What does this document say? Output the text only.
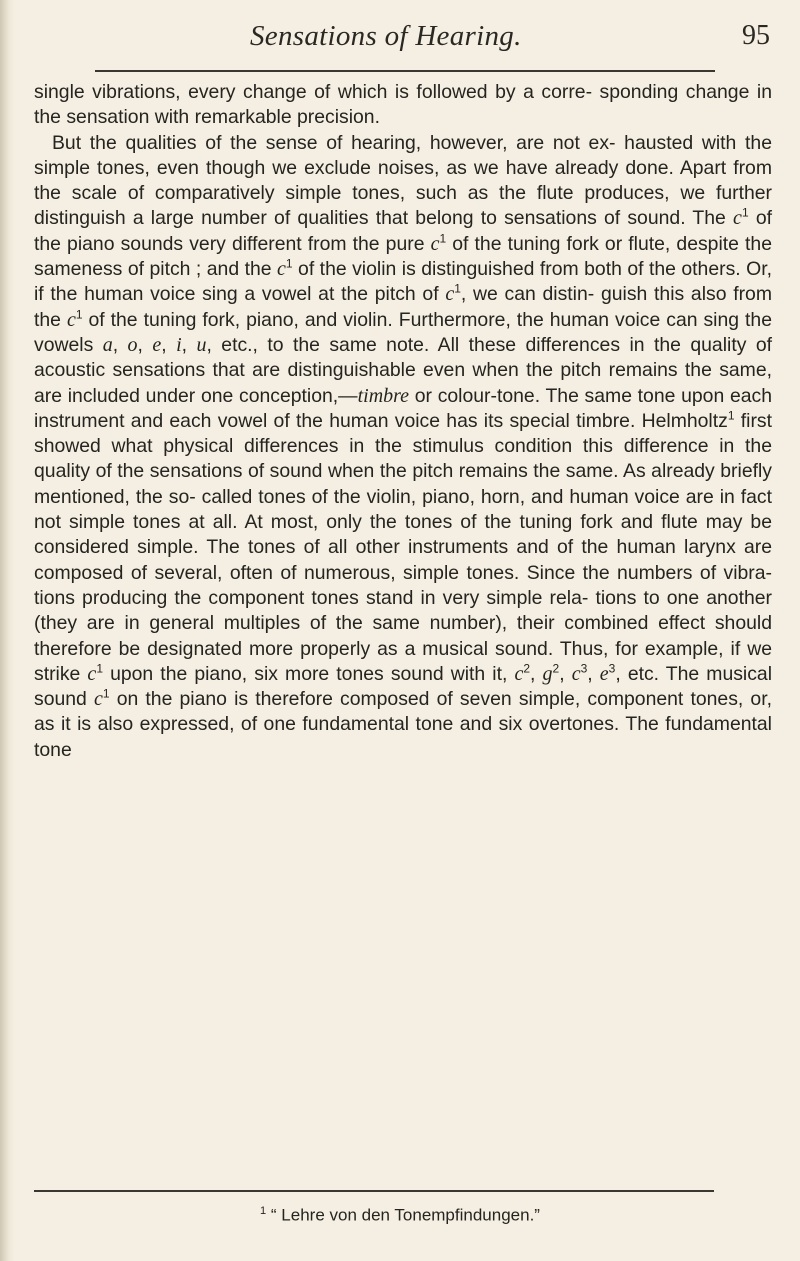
Sensations of Hearing.	95

single vibrations, every change of which is followed by a corre- sponding change in the sensation with remarkable precision.

But the qualities of the sense of hearing, however, are not ex- hausted with the simple tones, even though we exclude noises, as we have already done. Apart from the scale of comparatively simple tones, such as the flute produces, we further distinguish a large number of qualities that belong to sensations of sound. The $c^1$ of the piano sounds very different from the pure $c^1$ of the tuning fork or flute, despite the sameness of pitch ; and the $c^1$ of the violin is distinguished from both of the others. Or, if the human voice sing a vowel at the pitch of $c^1$, we can distin- guish this also from the $c^1$ of the tuning fork, piano, and violin. Furthermore, the human voice can sing the vowels a, o, e, i, u, etc., to the same note. All these differences in the quality of acoustic sensations that are distinguishable even when the pitch remains the same, are included under one conception,—timbre or colour-tone. The same tone upon each instrument and each vowel of the human voice has its special timbre. Helmholtz$^1$ first showed what physical differences in the stimulus condition this difference in the quality of the sensations of sound when the pitch remains the same. As already briefly mentioned, the so- called tones of the violin, piano, horn, and human voice are in fact not simple tones at all. At most, only the tones of the tuning fork and flute may be considered simple. The tones of all other instruments and of the human larynx are composed of several, often of numerous, simple tones. Since the numbers of vibra- tions producing the component tones stand in very simple rela- tions to one another (they are in general multiples of the same number), their combined effect should therefore be designated more properly as a musical sound. Thus, for example, if we strike $c^1$ upon the piano, six more tones sound with it, $c^2$, $g^2$, $c^3$, $e^3$, etc. The musical sound $c^1$ on the piano is therefore composed of seven simple, component tones, or, as it is also expressed, of one fundamental tone and six overtones. The fundamental tone

$^1$ “ Lehre von den Tonempfindungen.”
